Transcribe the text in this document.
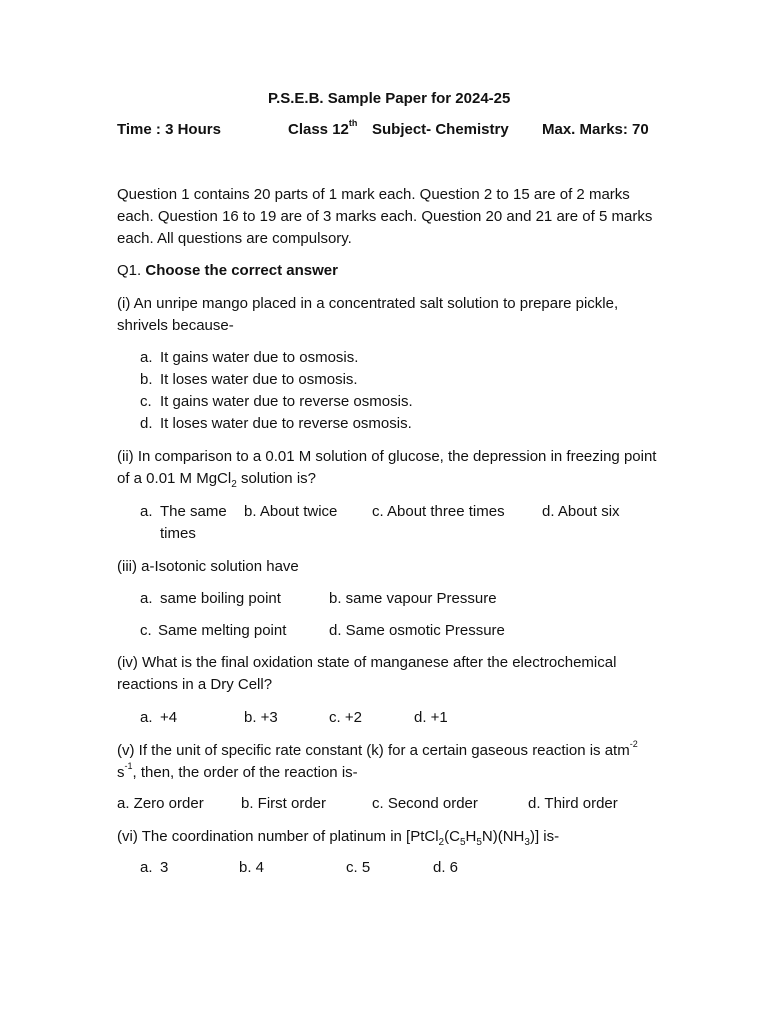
P.S.E.B. Sample Paper for 2024-25
Time : 3 Hours	Class 12th Subject- Chemistry Max. Marks: 70
Question 1 contains 20 parts of 1 mark each. Question 2 to 15 are of 2 marks each. Question 16 to 19 are of 3 marks each. Question 20 and 21 are of 5 marks each. All questions are compulsory.
Q1. Choose the correct answer
(i) An unripe mango placed in a concentrated salt solution to prepare pickle, shrivels because-
a. It gains water due to osmosis.
b. It loses water due to osmosis.
c. It gains water due to reverse osmosis.
d. It loses water due to reverse osmosis.
(ii) In comparison to a 0.01 M solution of glucose, the depression in freezing point of a 0.01 M MgCl$_2$ solution is?
a. The same
times
b. About twice c. About three times d. About six
(iii) a-Isotonic solution have
a. same boiling point	b. same vapour Pressure
c. Same melting point	d. Same osmotic Pressure
(iv) What is the final oxidation state of manganese after the electrochemical reactions in a Dry Cell?
a. +4	b. +3	c. +2	d. +1
(v) If the unit of specific rate constant (k) for a certain gaseous reaction is atm$^{-2}$
$s^{-1}$, then, the order of the reaction is-
a. Zero order b. First order	c. Second order	d. Third order
(vi) The coordination number of platinum in $[PtCl_2(C_5H_5N)(NH_3)]$ is-
a. 3	b. 4	c. 5	d. 6
